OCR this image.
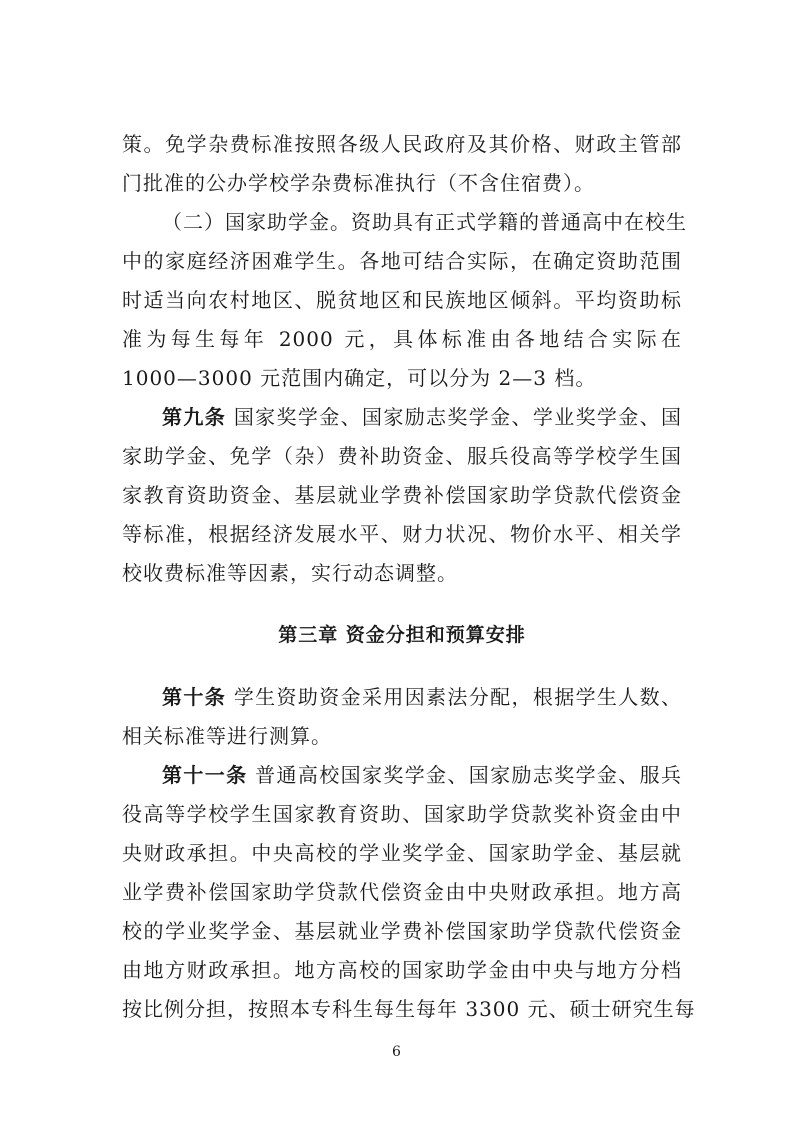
策。免学杂费标准按照各级人民政府及其价格、财政主管部
门批准的公办学校学杂费标准执行（不含住宿费）。
（二）国家助学金。资助具有正式学籍的普通高中在校生
中的家庭经济困难学生。各地可结合实际，在确定资助范围
时适当向农村地区、脱贫地区和民族地区倾斜。平均资助标
准为每生每年 2000 元，具体标准由各地结合实际在
1000—3000 元范围内确定，可以分为 2—3 档。
第九条 国家奖学金、国家励志奖学金、学业奖学金、国
家助学金、免学（杂）费补助资金、服兵役高等学校学生国
家教育资助资金、基层就业学费补偿国家助学贷款代偿资金
等标准，根据经济发展水平、财力状况、物价水平、相关学
校收费标准等因素，实行动态调整。
第三章 资金分担和预算安排
第十条 学生资助资金采用因素法分配，根据学生人数、
相关标准等进行测算。
第十一条 普通高校国家奖学金、国家励志奖学金、服兵
役高等学校学生国家教育资助、国家助学贷款奖补资金由中
央财政承担。中央高校的学业奖学金、国家助学金、基层就
业学费补偿国家助学贷款代偿资金由中央财政承担。地方高
校的学业奖学金、基层就业学费补偿国家助学贷款代偿资金
由地方财政承担。地方高校的国家助学金由中央与地方分档
按比例分担，按照本专科生每生每年 3300 元、硕士研究生每
6
